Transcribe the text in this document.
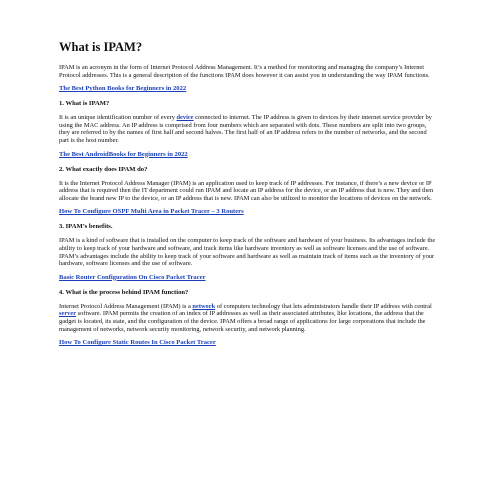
What is IPAM?

IPAM is an acronym in the form of Internet Protocol Address Management. It’s a method for monitoring and managing the company’s Internet Protocol addresses. This is a general description of the functions IPAM does however it can assist you in understanding the way IPAM functions.

The Best Python Books for Beginners in 2022
1. What is IPAM?

It is an unique identification number of every device connected to internet. The IP address is given to devices by their internet service provider by using the MAC address. An IP address is comprised from four numbers which are separated with dots. These numbers are split into two groups, they are referred to by the names of first half and second halves. The first half of an IP address refers to the number of networks, and the second part is the host number.

The Best AndroidBooks for Beginners in 2022
2. What exactly does IPAM do?

It is the Internet Protocol Address Manager (IPAM) is an application used to keep track of IP addresses. For instance, if there’s a new device or IP address that is required then the IT department could run IPAM and locate an IP address for the device, or an IP address that is new. They and then allocate the brand new IP to the device, or an IP address that is new. IPAM can also be utilized to monitor the locations of devices on the network.

How To Configure OSPF Multi Area in Packet Tracer – 3 Routers
3. IPAM’s benefits.

IPAM is a kind of software that is installed on the computer to keep track of the software and hardware of your business. Its advantages include the ability to keep track of your hardware and software, and track items like hardware inventory as well as software licenses and the use of software. IPAM’s advantages include the ability to keep track of your software and hardware as well as maintain track of items such as the inventory of your hardware, software licenses and the use of software.

Basic Router Configuration On Cisco Packet Tracer
4. What is the process behind IPAM function?

Internet Protocol Address Management (IPAM) is a network of computers technology that lets administrators handle their IP address with central server software. IPAM permits the creation of an index of IP addresses as well as their associated attributes, like locations, the address that the gadget is located, its state, and the configuration of the device. IPAM offers a broad range of applications for large corporations that include the management of networks, network security monitoring, network security, and network planning.

How To Configure Static Routes In Cisco Packet Tracer
